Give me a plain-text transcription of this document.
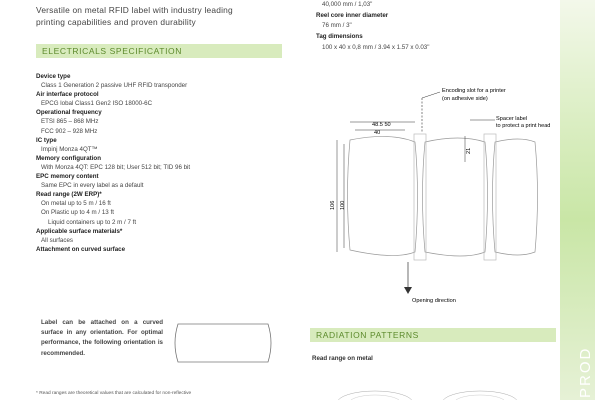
Versatile on metal RFID label with industry leading
printing capabilities and proven durability
ELECTRICALS SPECIFICATION
Device type
Class 1 Generation 2 passive UHF RFID transponder
Air interface protocol
EPCG lobal Class1 Gen2 ISO 18000-6C
Operational frequency
ETSI 865 – 868 MHz
FCC 902 – 928 MHz
IC type
Impinj Monza 4QT™
Memory configuration
With Monza 4QT: EPC 128 bit; User 512 bit; TID 96 bit
EPC memory content
Same EPC in every label as a default
Read range (2W ERP)*
On metal up to 5 m / 16 ft
On Plastic up to 4 m / 13 ft
Liquid containers up to 2 m / 7 ft
Applicable surface materials*
All surfaces
Attachment on curved surface
Label can be attached on a curved surface in any orientation. For optimal performance, the following orientation is recommended.
* Read ranges are theoretical values that are calculated for non-reflective
40,000 mm / 1,03"
Reel core inner diameter
76 mm / 3"
Tag dimensions
100 x 40 x 0,8 mm / 3.94 x 1.57 x 0.03"
48.5 50
40
21
106 100
Encoding slot for a printer
(on adhesive side)
Spacer label
to protect a print head
Opening direction
RADIATION PATTERNS
Read range on metal	PROD
